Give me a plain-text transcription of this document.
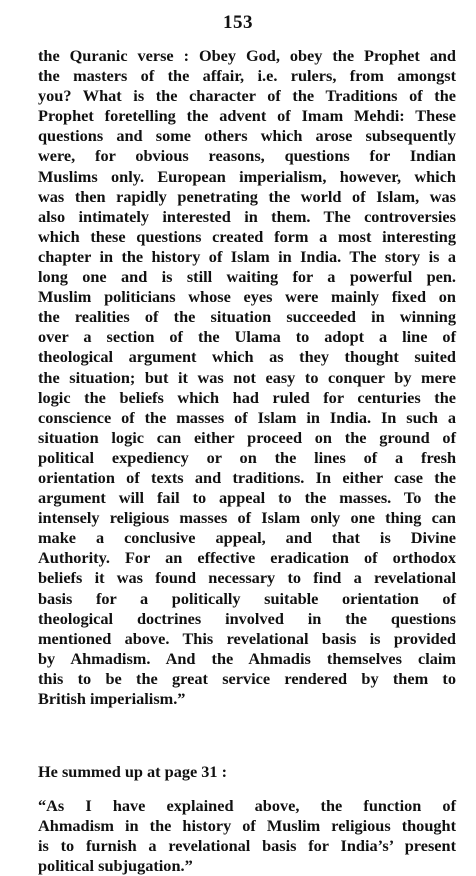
153
the Quranic verse : Obey God, obey the Prophet and
the masters of the affair, i.e. rulers, from amongst
you? What is the character of the Traditions of the
Prophet foretelling the advent of Imam Mehdi: These
questions and some others which arose subsequently
were, for obvious reasons, questions for Indian
Muslims only. European imperialism, however, which
was then rapidly penetrating the world of Islam, was
also intimately interested in them. The controversies
which these questions created form a most interesting
chapter in the history of Islam in India. The story is a
long one and is still waiting for a powerful pen.
Muslim politicians whose eyes were mainly fixed on
the realities of the situation succeeded in winning
over a section of the Ulama to adopt a line of
theological argument which as they thought suited
the situation; but it was not easy to conquer by mere
logic the beliefs which had ruled for centuries the
conscience of the masses of Islam in India. In such a
situation logic can either proceed on the ground of
political expediency or on the lines of a fresh
orientation of texts and traditions. In either case the
argument will fail to appeal to the masses. To the
intensely religious masses of Islam only one thing can
make a conclusive appeal, and that is Divine
Authority. For an effective eradication of orthodox
beliefs it was found necessary to find a revelational
basis for a politically suitable orientation of
theological doctrines involved in the questions
mentioned above. This revelational basis is provided
by Ahmadism. And the Ahmadis themselves claim
this to be the great service rendered by them to
British imperialism.”
He summed up at page 31 :
“As I have explained above, the function of
Ahmadism in the history of Muslim religious thought
is to furnish a revelational basis for India’s’ present
political subjugation.”
